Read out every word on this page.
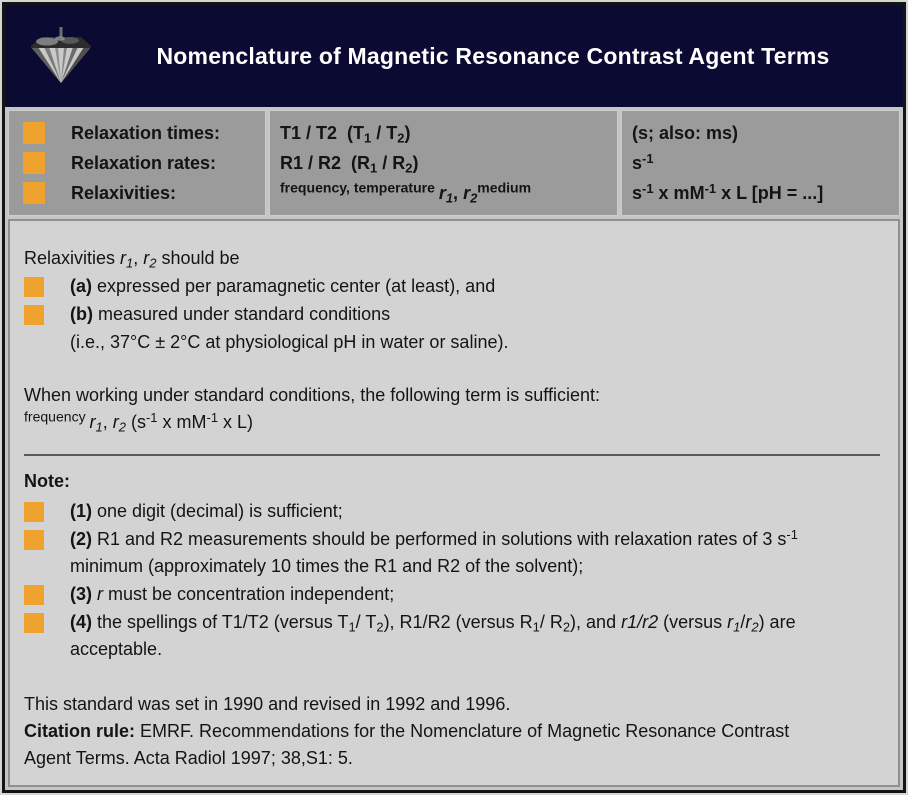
Nomenclature of Magnetic Resonance Contrast Agent Terms
Relaxation times:
Relaxation rates:
Relaxivities:
T1 / T2  $(T_1 / T_2)$
R1 / R2  $(R_1 / R_2)$
$^{frequency, temperature}$ $r_1$, $r_2^{medium}$
(s; also: ms)
$s^{-1}$
$s^{-1}$ x $mM^{-1}$ x L [pH = ...]
Relaxivities $r_1$, $r_2$ should be
(a) expressed per paramagnetic center (at least), and
(b) measured under standard conditions
(i.e., 37°C ± 2°C at physiological pH in water or saline).
When working under standard conditions, the following term is sufficient:
$^{frequency}$ $r_1$, $r_2$ ($s^{-1}$ x $mM^{-1}$ x L)
Note:
(1) one digit (decimal) is sufficient;
(2) R1 and R2 measurements should be performed in solutions with relaxation rates of 3 $s^{-1}$ minimum (approximately 10 times the R1 and R2 of the solvent);
(3) r must be concentration independent;
(4) the spellings of T1/T2 (versus $T_1/$ $T_2$), R1/R2 (versus $R_1/$ $R_2$), and r1/r2 (versus $r_1/r_2$) are acceptable.
This standard was set in 1990 and revised in 1992 and 1996.
Citation rule: EMRF. Recommendations for the Nomenclature of Magnetic Resonance Contrast Agent Terms. Acta Radiol 1997; 38,S1: 5.
